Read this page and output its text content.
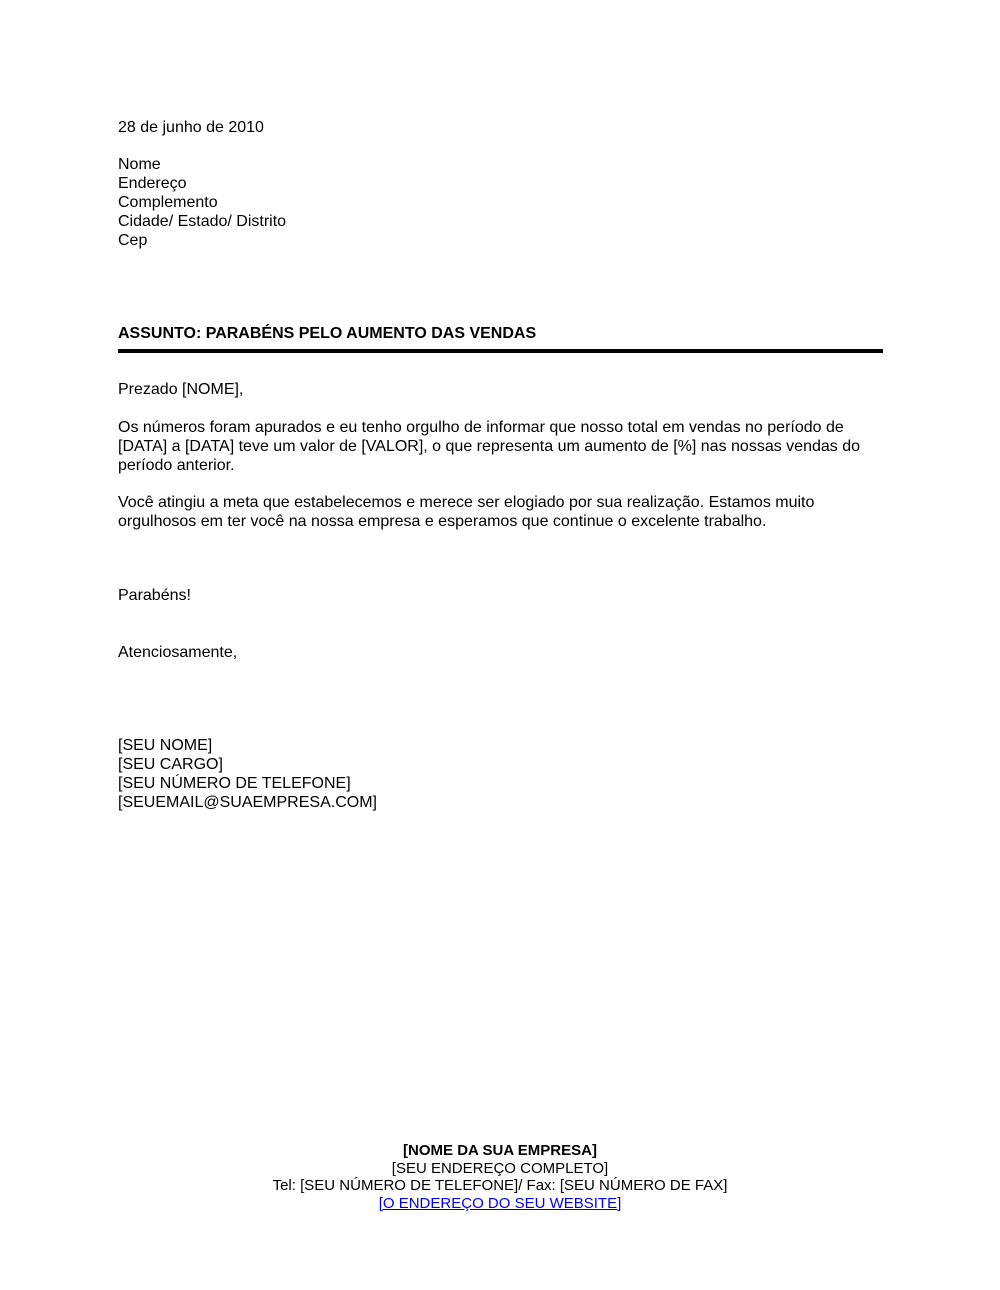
28 de junho de 2010

Nome
Endereço
Complemento
Cidade/ Estado/ Distrito
Cep

ASSUNTO: PARABÉNS PELO AUMENTO DAS VENDAS

Prezado [NOME],

Os números foram apurados e eu tenho orgulho de informar que nosso total em vendas no período de [DATA] a [DATA] teve um valor de [VALOR], o que representa um aumento de [%] nas nossas vendas do período anterior.

Você atingiu a meta que estabelecemos e merece ser elogiado por sua realização. Estamos muito orgulhosos em ter você na nossa empresa e esperamos que continue o excelente trabalho.

Parabéns!

Atenciosamente,

[SEU NOME]
[SEU CARGO]
[SEU NÚMERO DE TELEFONE]
[SEUEMAIL@SUAEMPRESA.COM]
[NOME DA SUA EMPRESA]
[SEU ENDEREÇO COMPLETO]
Tel: [SEU NÚMERO DE TELEFONE]/ Fax: [SEU NÚMERO DE FAX]
[O ENDEREÇO DO SEU WEBSITE]
